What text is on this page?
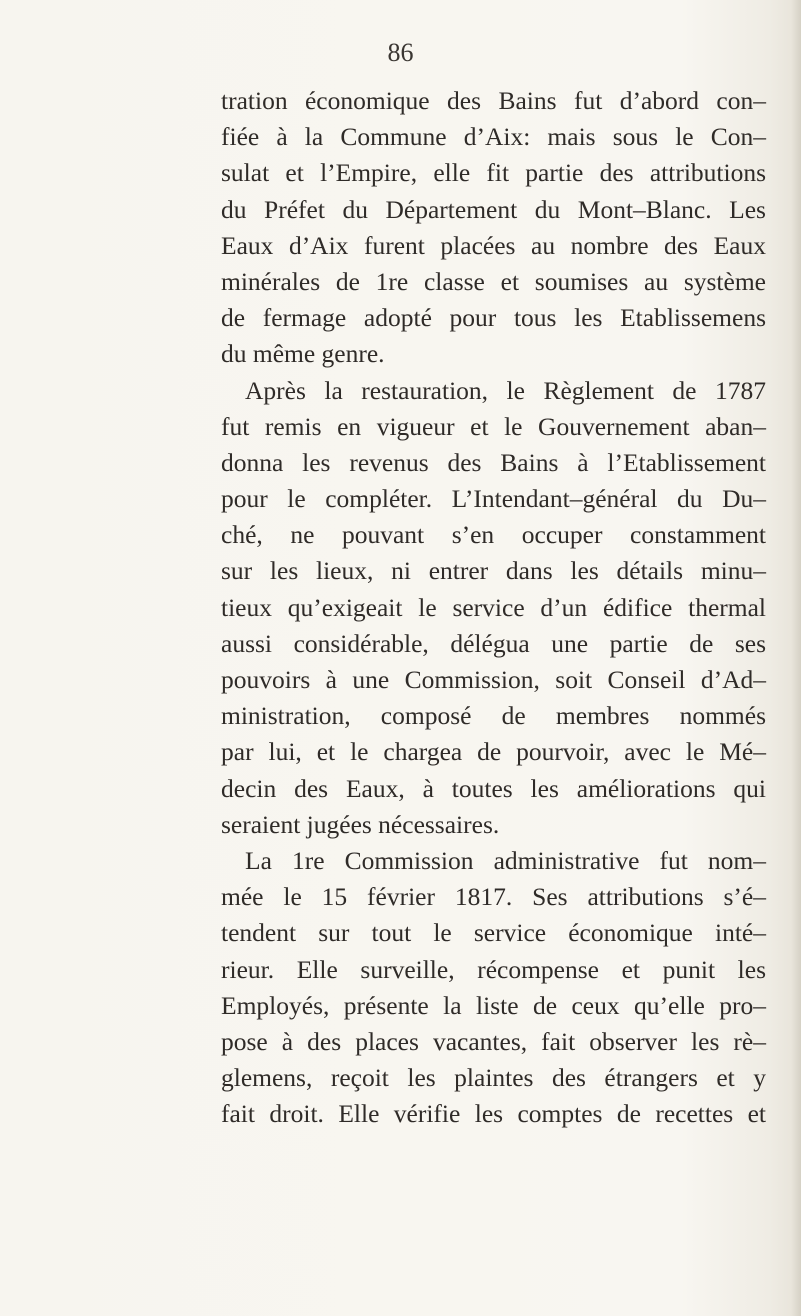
86
tration économique des Bains fut d’abord con–
fiée à la Commune d’Aix: mais sous le Con–
sulat et l’Empire, elle fit partie des attributions
du Préfet du Département du Mont–Blanc. Les
Eaux d’Aix furent placées au nombre des Eaux
minérales de 1re classe et soumises au système
de fermage adopté pour tous les Etablissemens
du même genre.
Après la restauration, le Règlement de 1787
fut remis en vigueur et le Gouvernement aban–
donna les revenus des Bains à l’Etablissement
pour le compléter. L’Intendant–général du Du–
ché, ne pouvant s’en occuper constamment
sur les lieux, ni entrer dans les détails minu–
tieux qu’exigeait le service d’un édifice thermal
aussi considérable, délégua une partie de ses
pouvoirs à une Commission, soit Conseil d’Ad–
ministration, composé de membres nommés
par lui, et le chargea de pourvoir, avec le Mé–
decin des Eaux, à toutes les améliorations qui
seraient jugées nécessaires.
La 1re Commission administrative fut nom–
mée le 15 février 1817. Ses attributions s’é–
tendent sur tout le service économique inté–
rieur. Elle surveille, récompense et punit les
Employés, présente la liste de ceux qu’elle pro–
pose à des places vacantes, fait observer les rè–
glemens, reçoit les plaintes des étrangers et y
fait droit. Elle vérifie les comptes de recettes et
